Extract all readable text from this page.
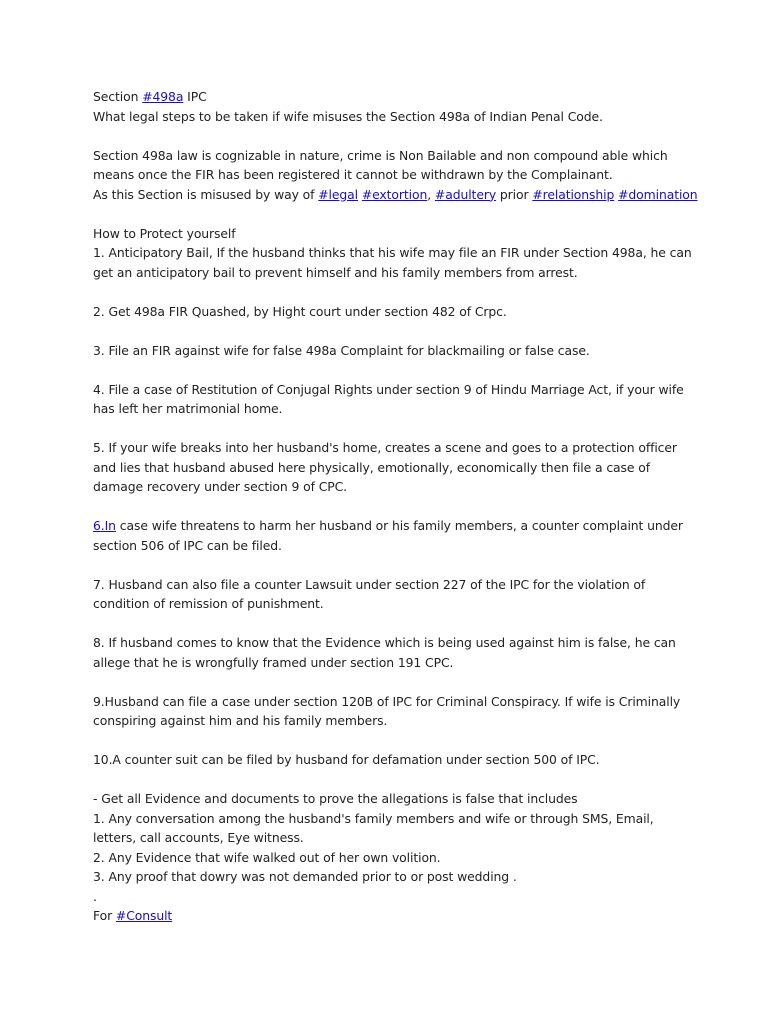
Section #498a IPC
What legal steps to be taken if wife misuses the Section 498a of Indian Penal Code.
Section 498a law is cognizable in nature, crime is Non Bailable and non compound able which
means once the FIR has been registered it cannot be withdrawn by the Complainant.
As this Section is misused by way of #legal #extortion, #adultery prior #relationship #domination
How to Protect yourself
1. Anticipatory Bail, If the husband thinks that his wife may file an FIR under Section 498a, he can
get an anticipatory bail to prevent himself and his family members from arrest.
2. Get 498a FIR Quashed, by Hight court under section 482 of Crpc.
3. File an FIR against wife for false 498a Complaint for blackmailing or false case.
4. File a case of Restitution of Conjugal Rights under section 9 of Hindu Marriage Act, if your wife
has left her matrimonial home.
5. If your wife breaks into her husband's home, creates a scene and goes to a protection officer
and lies that husband abused here physically, emotionally, economically then file a case of
damage recovery under section 9 of CPC.
6.In case wife threatens to harm her husband or his family members, a counter complaint under
section 506 of IPC can be filed.
7. Husband can also file a counter Lawsuit under section 227 of the IPC for the violation of
condition of remission of punishment.
8. If husband comes to know that the Evidence which is being used against him is false, he can
allege that he is wrongfully framed under section 191 CPC.
9.Husband can file a case under section 120B of IPC for Criminal Conspiracy. If wife is Criminally
conspiring against him and his family members.
10.A counter suit can be filed by husband for defamation under section 500 of IPC.
- Get all Evidence and documents to prove the allegations is false that includes
1. Any conversation among the husband's family members and wife or through SMS, Email,
letters, call accounts, Eye witness.
2. Any Evidence that wife walked out of her own volition.
3. Any proof that dowry was not demanded prior to or post wedding .
.
For #Consult
